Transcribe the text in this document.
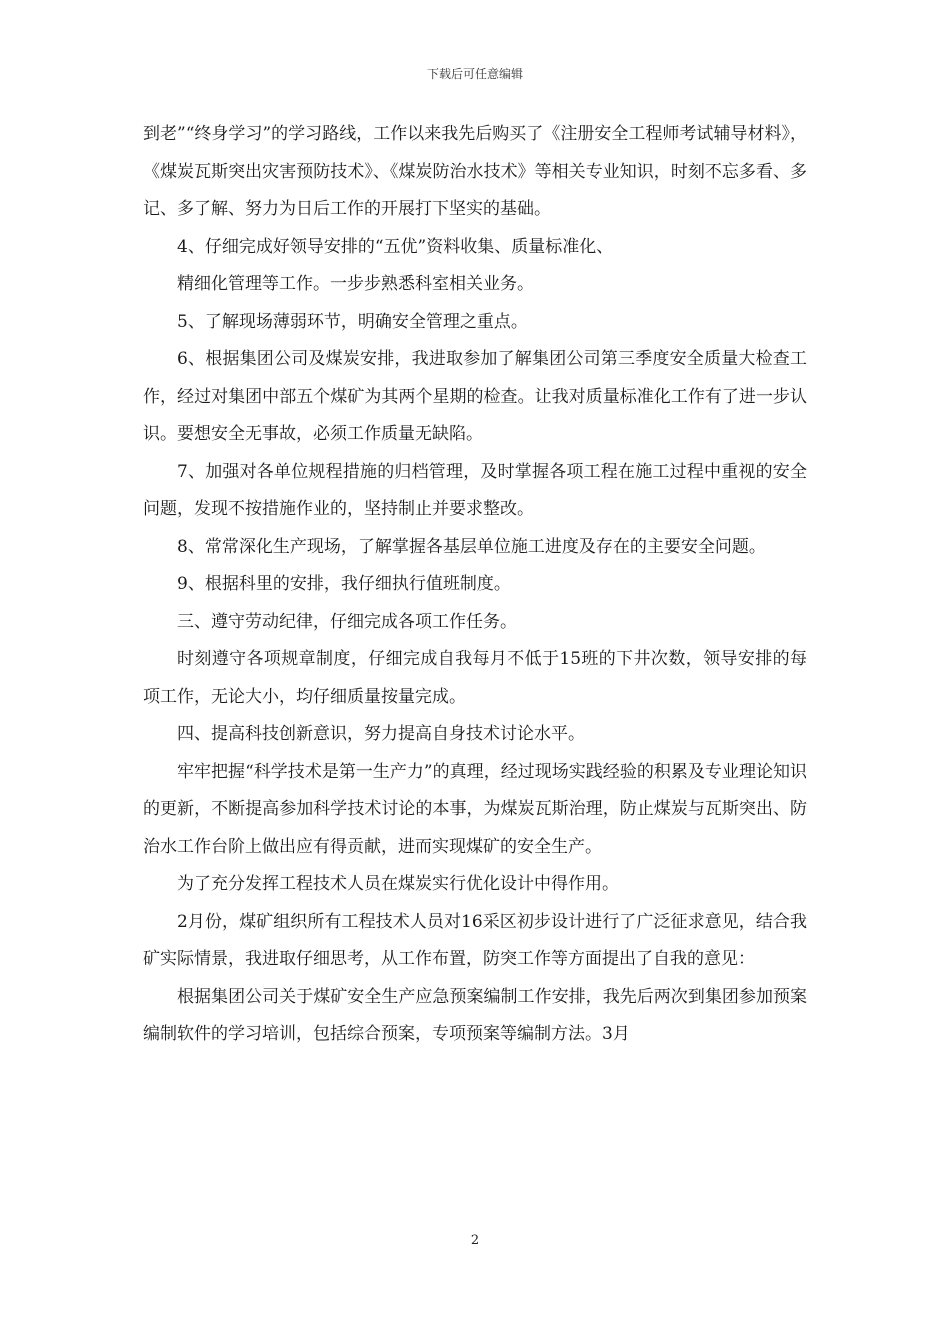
下载后可任意编辑

到老”“终身学习”的学习路线，工作以来我先后购买了《注册安全工程师考试辅导材料》，《煤炭瓦斯突出灾害预防技术》、《煤炭防治水技术》等相关专业知识，时刻不忘多看、多记、多了解、努力为日后工作的开展打下坚实的基础。

4、仔细完成好领导安排的“五优”资料收集、质量标准化、

精细化管理等工作。一步步熟悉科室相关业务。

5、了解现场薄弱环节，明确安全管理之重点。

6、根据集团公司及煤炭安排，我进取参加了解集团公司第三季度安全质量大检查工作，经过对集团中部五个煤矿为其两个星期的检查。让我对质量标准化工作有了进一步认识。要想安全无事故，必须工作质量无缺陷。

7、加强对各单位规程措施的归档管理，及时掌握各项工程在施工过程中重视的安全问题，发现不按措施作业的，坚持制止并要求整改。

8、常常深化生产现场，了解掌握各基层单位施工进度及存在的主要安全问题。

9、根据科里的安排，我仔细执行值班制度。

三、遵守劳动纪律，仔细完成各项工作任务。

时刻遵守各项规章制度，仔细完成自我每月不低于15班的下井次数，领导安排的每项工作，无论大小，均仔细质量按量完成。

四、提高科技创新意识，努力提高自身技术讨论水平。

牢牢把握“科学技术是第一生产力”的真理，经过现场实践经验的积累及专业理论知识的更新，不断提高参加科学技术讨论的本事，为煤炭瓦斯治理，防止煤炭与瓦斯突出、防治水工作台阶上做出应有得贡献，进而实现煤矿的安全生产。

为了充分发挥工程技术人员在煤炭实行优化设计中得作用。

2月份，煤矿组织所有工程技术人员对16采区初步设计进行了广泛征求意见，结合我矿实际情景，我进取仔细思考，从工作布置，防突工作等方面提出了自我的意见：

根据集团公司关于煤矿安全生产应急预案编制工作安排，我先后两次到集团参加预案编制软件的学习培训，包括综合预案，专项预案等编制方法。3月

2
